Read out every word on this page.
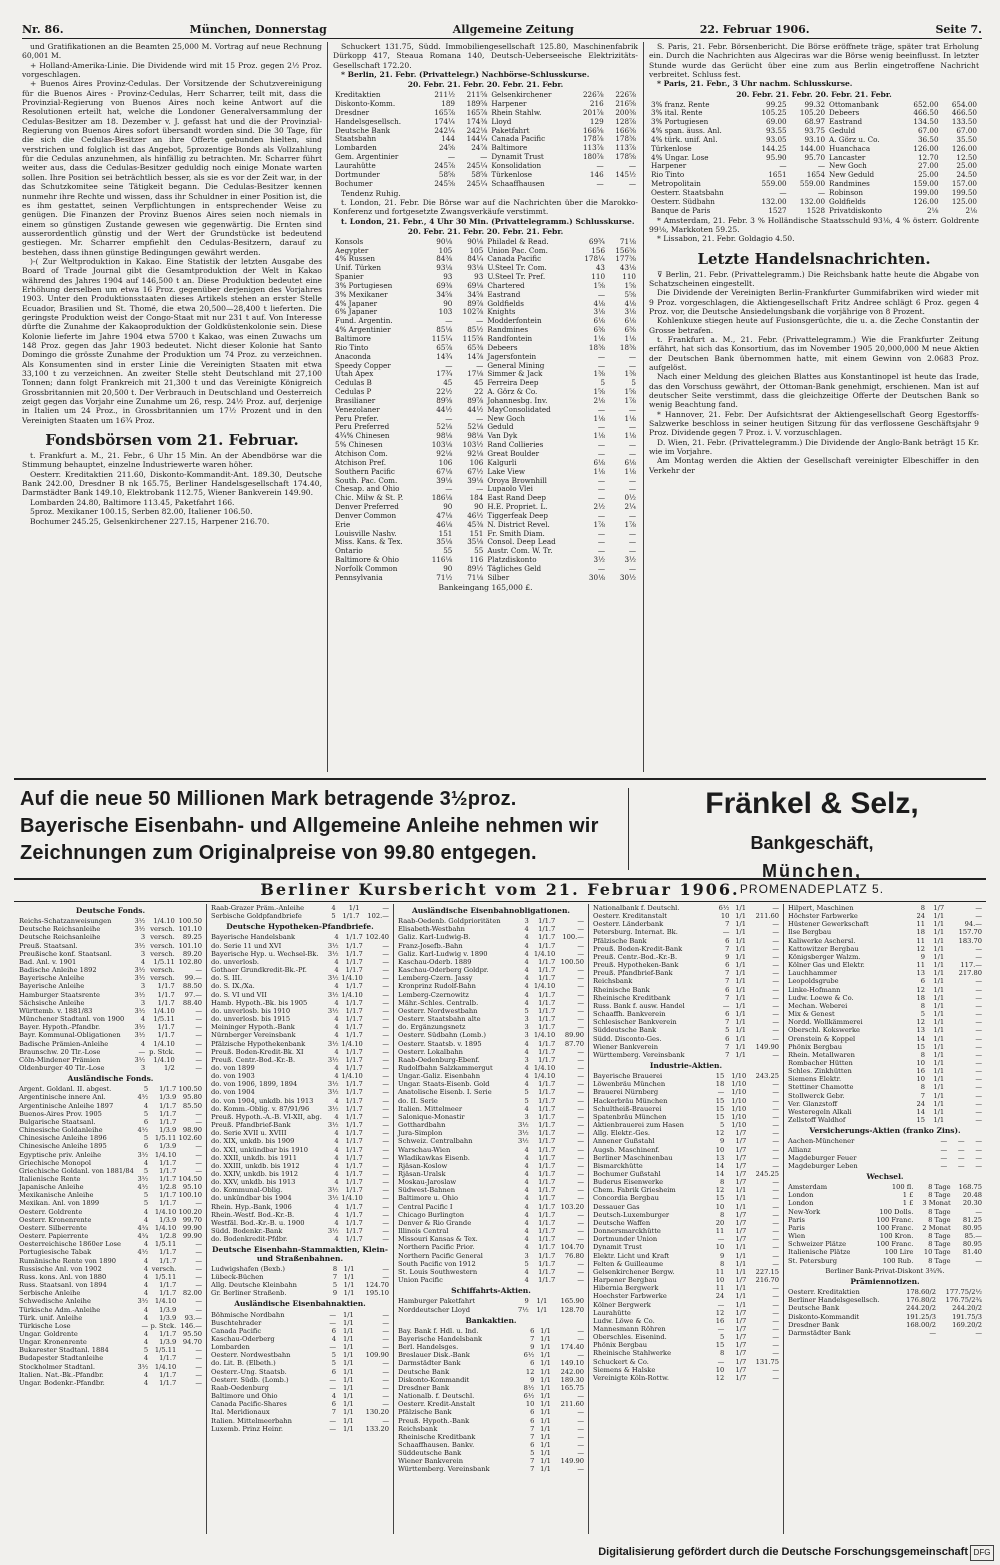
Nr. 86.	München, Donnerstag	Allgemeine Zeitung	22. Februar 1906.	Seite 7.

und Gratifikationen an die Beamten 25,000 M. Vortrag auf neue Rechnung 60,001 M.

+ Holland-Amerika-Linie. Die Dividende wird mit 15 Proz. gegen 2½ Proz. vorgeschlagen.

+ Buenos Aires Provinz-Cedulas. Der Vorsitzende der Schutzvereinigung für die Buenos Aires - Provinz-Cedulas, Herr Scharrer, teilt mit, dass die Provinzial-Regierung von Buenos Aires noch keine Antwort auf die Resolutionen erteilt hat, welche die Londoner Generalversammlung der Cedulas-Besitzer am 18. Dezember v. J. gefasst hat und die der Provinzial-Regierung von Buenos Aires sofort übersandt worden sind. Die 30 Tage, für die sich die Cedulas-Besitzer an ihre Offerte gebunden hielten, sind verstrichen und folglich ist das Angebot, 5prozentige Bonds als Vollzahlung für die Cedulas anzunehmen, als hinfällig zu betrachten. Mr. Scharrer führt weiter aus, dass die Cedulas-Besitzer geduldig noch einige Monate warten sollen. Ihre Position sei beträchtlich besser, als sie es vor der Zeit war, in der das Schutzkomitee seine Tätigkeit begann. Die Cedulas-Besitzer kennen nunmehr ihre Rechte und wissen, dass ihr Schuldner in einer Position ist, die es ihm gestattet, seinen Verpflichtungen in entsprechender Weise zu genügen. Die Finanzen der Provinz Buenos Aires seien noch niemals in einem so günstigen Zustande gewesen wie gegenwärtig. Die Ernten sind ausserordentlich günstig und der Wert der Grundstücke ist bedeutend gestiegen. Mr. Scharrer empfiehlt den Cedulas-Besitzern, darauf zu bestehen, dass ihnen günstige Bedingungen gewährt werden.

)-( Zur Weltproduktion in Kakao. Eine Statistik der letzten Ausgabe des Board of Trade Journal gibt die Gesamtproduktion der Welt in Kakao während des Jahres 1904 auf 146,500 t an. Diese Produktion bedeutet eine Erhöhung derselben um etwa 16 Proz. gegenüber derjenigen des Vorjahres 1903. Unter den Produktionsstaaten dieses Artikels stehen an erster Stelle Ecuador, Brasilien und St. Thomé, die etwa 20,500—28,400 t lieferten. Die geringste Produktion weist der Congo-Staat mit nur 231 t auf. Von Interesse dürfte die Zunahme der Kakaoproduktion der Goldküstenkolonie sein. Diese Kolonie lieferte im Jahre 1904 etwa 5700 t Kakao, was einen Zuwachs um 148 Proz. gegen das Jahr 1903 bedeutet. Nicht dieser Kolonie hat Santo Domingo die grösste Zunahme der Produktion um 74 Proz. zu verzeichnen. Als Konsumenten sind in erster Linie die Vereinigten Staaten mit etwa 33,100 t zu verzeichnen. An zweiter Stelle steht Deutschland mit 27,100 Tonnen; dann folgt Frankreich mit 21,300 t und das Vereinigte Königreich Grossbritannien mit 20,500 t. Der Verbrauch in Deutschland und Oesterreich zeigt gegen das Vorjahr eine Zunahme um 26, resp. 24½ Proz. auf, derjenige in Italien um 24 Proz., in Grossbritannien um 17½ Prozent und in den Vereinigten Staaten um 16¾ Proz.

Fondsbörsen vom 21. Februar.

t. Frankfurt a. M., 21. Febr., 6 Uhr 15 Min. An der Abendbörse war die Stimmung behauptet, einzelne Industriewerte waren höher.

Oesterr. Kreditaktien 211.60, Diskonto-Kommandit-Ant. 189.30, Deutsche Bank 242.00, Dresdner B nk 165.75, Berliner Handelsgesellschaft 174.40, Darmstädter Bank 149.10, Elektrobank 112.75, Wiener Bankverein 149.90.

Lombarden 24.80, Baltimore 113.45, Paketfahrt 166.

5proz. Mexikaner 100.15, Serben 82.00, Italiener 106.50.

Bochumer 245.25, Gelsenkirchener 227.15, Harpener 216.70.

Schuckert 131.75, Südd. Immobiliengesellschaft 125.80, Maschinenfabrik Dürkopp 417, Steaua Romana 140, Deutsch-Ueberseeische Elektrizitäts-Gesellschaft 172.20.

* Berlin, 21. Febr. (Privattelegr.) Nachbörse-Schlusskurse.

20. Febr. 21. Febr. 20. Febr. 21. Febr.
Kreditaktien	211½	211⅝	Gelsenkirchener	226⅞	226⅞
Diskonto-Komm.	189	189⅝	Harpener	216	216⅝
Dresdner	165⅞	165⅞	Rhein Stahlw.	201⅞	200⅜
Handelsgesellsch.	174¼	174⅜	Lloyd	129	128⅞
Deutsche Bank	242¼	242⅛	Paketfahrt	166⅝	166⅜
Staatsbahn	144	144¼	Canada Pacific	178⅞	178⅜
Lombarden	24⅝	24⅞	Baltimore	113⅞	113⅞
Gem. Argentinier	—	—	Dynamit Trust	180⅞	178⅝
Laurahütte	245⅞	245¼	Konsolidation	—	—
Dortmunder	58⅝	58⅝	Türkenlose	146	145½
Bochumer	245⅝	245¼	Schaaffhausen	—	—

Tendenz Ruhig.

t. London, 21. Febr. Die Börse war auf die Nachrichten über die Marokko-Konferenz und fortgesetzte Zwangsverkäufe verstimmt.

t. London, 21. Febr., 4 Uhr 30 Min. (Privattelegramm.) Schlusskurse.

20. Febr. 21. Febr. 20. Febr. 21. Febr.
Konsols	90⅛	90⅛	Philadel & Read.	69¾	71⅛
Aegypter	105	105	Union Pac. Com.	156	156⅜
4% Russen	84⅜	84¼	Canada Pacific	178¼	177⅜
Unif. Türken	93⅛	93⅛	U.Steel Tr. Com.	43	43⅛
Spanier	93	93	U.Steel Tr. Pref.	110	110
3% Portugiesen	69⅜	69⅛	Chartered	1⅝	1⅝
3% Mexikaner	34⅝	34⅝	Eastrand	—	5⅝
4% Japaner	90	89⅞	Goldfields	4⅛	4⅛
6% Japaner	103	102⅞	Knights	3⅛	3⅛
Fund. Argentin.	—	—	Modderfontein	6⅛	6⅛
4% Argentinier	85⅛	85½	Randmines	6⅜	6⅜
Baltimore	115¼	115⅝	Randfontein	1⅛	1⅛
Rio Tinto	65⅞	65⅜	Debeers	18⅜	18⅜
Anaconda	14¾	14⅞	Jagersfontein	—	—
Speedy Copper	—	—	General Mining	—	—
Utah Apex	17¾	17⅛	Simmer & Jack	1⅜	1⅜
Cedulas B	45	45	Ferreira Deep	5	5
Cedulas P	22½	22	A. Görz & Co.	1⅝	1⅝
Brasilianer	89⅝	89⅞	Johannesbg. Inv.	2⅛	1⅞
Venezolaner	44½	44½	MayConsolidated	—	—
Peru Prefer.	—	—	New Goch	1⅛	1⅛
Peru Preferred	52⅛	52⅛	Geduld	—	—
4¾% Chinesen	98⅛	98⅛	Van Dyk	1⅛	1⅛
5% Chinesen	103⅛	103½	Rand Collieries	—	—
Atchison Com.	92⅛	92⅛	Great Boulder	—	—
Atchison Pref.	106	106	Kalgurli	6⅛	6⅛
Southern Pacific	67⅛	67½	Lake View	1⅛	1⅛
South. Pac. Com.	39⅛	39⅛	Oroya Brownhill	—	—
Chesap. and Ohio	—	—	Lupaolo Vlei	—	—
Chic. Milw & St. P.	186⅛	184	East Rand Deep	—	0½
Denver Preferred	90	90	H.E. Propriet. L.	2½	2¼
Denver Common	47⅛	46½	Tiggerfeak Deep	—	—
Erie	46⅛	45⅜	N. District Revel.	1⅞	1⅞
Louisville Nashv.	151	151	Fr. Smith Diam.	—	—
Miss. Kans. & Tex.	35⅛	35⅛	Consol. Deep Lead	—	—
Ontario	55	55	Austr. Com. W. Tr.	—	—
Baltimore & Ohio	116⅛	116	Platzdiskonto	3½	3½
Norfolk Common	90	89½	Tägliches Geld	—	—
Pennsylvania	71½	71⅛	Silber	30⅛	30½
Bankeingang 165,000 £.

S. Paris, 21. Febr. Börsenbericht. Die Börse eröffnete träge, später trat Erholung ein. Durch die Nachrichten aus Algeciras war die Börse wenig beeinflusst. In letzter Stunde wurde das Gerücht über eine zum aus Berlin eingetroffene Nachricht verbreitet. Schluss fest.

* Paris, 21. Febr., 3 Uhr nachm. Schlusskurse.

20. Febr. 21. Febr. 20. Febr. 21. Febr.
3% franz. Rente	99.25	99.32	Ottomanbank	652.00	654.00
3% ital. Rente	105.25	105.20	Debeers	466.50	466.50
3% Portugiesen	69.00	68.97	Eastrand	134.50	133.50
4% span. äuss. Anl.	93.55	93.75	Geduld	67.00	67.00
4% türk. unif. Anl.	93.05	93.10	A. Görz u. Co.	36.50	35.50
Türkenlose	144.25	144.00	Huanchaca	126.00	126.00
4% Ungar. Lose	95.90	95.70	Lancaster	12.70	12.50
Harpener	—	—	New Goch	27.00	25.00
Rio Tinto	1651	1654	New Geduld	25.00	24.50
Metropolitain	559.00	559.00	Randmines	159.00	157.00
Oesterr. Staatsbahn	—	—	Robinson	199.00	199.50
Oesterr. Südbahn	132.00	132.00	Goldfields	126.00	125.00
Banque de Paris	1527	1528	Privatdiskonto	2⅛	2⅛

* Amsterdam, 21. Febr. 3 % Holländische Staatsschuld 93⅛, 4 % österr. Goldrente 99⅛, Markkoten 59.25.

* Lissabon, 21. Febr. Goldagio 4.50.

Letzte Handelsnachrichten.

⊽ Berlin, 21. Febr. (Privattelegramm.) Die Reichsbank hatte heute die Abgabe von Schatzscheinen eingestellt.

Die Dividende der Vereinigten Berlin-Frankfurter Gummifabriken wird wieder mit 9 Proz. vorgeschlagen, die Aktiengesellschaft Fritz Andree schlägt 6 Proz. gegen 4 Proz. vor, die Deutsche Ansiedelungsbank die vorjährige von 8 Prozent.

Kohlenkuxe stiegen heute auf Fusionsgerüchte, die u. a. die Zeche Constantin der Grosse betrafen.

t. Frankfurt a. M., 21. Febr. (Privattelegramm.) Wie die Frankfurter Zeitung erfährt, hat sich das Konsortium, das im November 1905 20,000,000 M neue Aktien der Deutschen Bank übernommen hatte, mit einem Gewinn von 2.0683 Proz. aufgelöst.

Nach einer Meldung des gleichen Blattes aus Konstantinopel ist heute das Irade, das den Vorschuss gewährt, der Ottoman-Bank genehmigt, erschienen. Man ist auf deutscher Seite verstimmt, dass die gleichzeitige Offerte der Deutschen Bank so wenig Beachtung fand.

* Hannover, 21. Febr. Der Aufsichtsrat der Aktiengesellschaft Georg Egestorffs-Salzwerke beschloss in seiner heutigen Sitzung für das verflossene Geschäftsjahr 9 Proz. Dividende gegen 7 Proz. i. V. vorzuschlagen.

D. Wien, 21. Febr. (Privattelegramm.) Die Dividende der Anglo-Bank beträgt 15 Kr. wie im Vorjahre.

Am Montag werden die Aktien der Gesellschaft vereinigter Elbeschiffer in den Verkehr der

Auf die neue 50 Millionen Mark betragende 3½proz. Bayerische Eisenbahn- und Allgemeine Anleihe nehmen wir Zeichnungen zum Originalpreise von 99.80 entgegen.
Fränkel & Selz, Bankgeschäft,
München,
PROMENADEPLATZ 5.
Berliner Kursbericht vom 21. Februar 1906.
Deutsche Fonds.
Reichs-Schatzanweisungen	3½	1/4.10	100.50
Deutsche Reichsanleihe	3½	versch.	101.10
Deutsche Reichsanleihe	3	versch.	89.25
Preuß. Staatsanl.	3½	versch.	101.10
Preußische konf. Staatsanl.	3	versch.	89.20
Bad. Anl. v. 1901	4	1/5.11	102.80
Badische Anleihe 1892	3½	versch.	—
Bayerische Anleihe	3½	versch.	99.—
Bayerische Anleihe	3	1/1.7	88.50
Hamburger Staatsrente	3½	1/1.7	97.—
Sächsische Anleihe	3	1/1.7	88.40
Württemb. v. 1881/83	3½	1/4.10	—
Münchener Stadtanl. von 1900	4	1/5.11	—
Bayer. Hypoth.-Pfandbr.	3½	1/1.7	—
Bayr. Kommunal-Obligationen	3½	1/1.7	—
Badische Prämien-Anleihe	4	1/4.10	—
Braunschw. 20 Tlr.-Lose	—	p. Stck.	—
Cöln-Mindener Prämien	3½	1/4.10	—
Oldenburger 40 Tlr.-Lose	3	1/2	—
Ausländische Fonds.
Argent. Goldanl. II. abgest.	5	1/1.7	100.50
Argentinische innere Anl.	4½	1/3.9	95.80
Argentinische Anleihe 1897	4	1/1.7	85.50
Buenos-Aires Prov. 1905	5	1/1.7	—
Bulgarische Staatsanl.	6	1/1.7	—
Chinesische Goldanleihe	4½	1/3.9	98.90
Chinesische Anleihe 1896	5	1/5.11	102.60
Chinesische Anleihe 1895	6	1/3.9	—
Egyptische priv. Anleihe	3½	1/4.10	—
Griechische Monopol	4	1/1.7	—
Griechische Goldanl. von 1881/84	5	1/1.7	—
Italienische Rente	3½	1/1.7	104.50
Japanische Anleihe	4½	1/2.8	95.10
Mexikanische Anleihe	5	1/1.7	100.10
Mexikan. Anl. von 1899	5	1/1.7	—
Oesterr. Goldrente	4	1/4.10	100.20
Oesterr. Kronenrente	4	1/3.9	99.70
Oesterr. Silberrente	4¼	1/4.10	99.90
Oesterr. Papierrente	4¼	1/2.8	99.90
Oesterreichische 1860er Lose	4	1/5.11	—
Portugiesische Tabak	4½	1/1.7	—
Rumänische Rente von 1890	4	1/1.7	—
Russische Anl. von 1902	4	versch.	—
Russ. kons. Anl. von 1880	4	1/5.11	—
Russ. Staatsanl. von 1894	4	1/1.7	—
Serbische Anleihe	4	1/1.7	82.00
Schwedische Anleihe	3½	1/4.10	—
Türkische Adm.-Anleihe	4	1/3.9	—
Türk. unif. Anleihe	4	1/3.9	93.—
Türkische Lose	—	p. Stck.	146.—
Ungar. Goldrente	4	1/1.7	95.50
Ungar. Kronenrente	4	1/3.9	94.70
Bukarester Stadtanl. 1884	5	1/5.11	—
Budapester Stadtanleihe	4	1/1.7	—
Stockholmer Stadtanl.	3½	1/4.10	—
Italien. Nat.-Bk.-Pfandbr.	4	1/1.7	—
Ungar. Bodenkr.-Pfandbr.	4	1/1.7	—
Raab-Grazer Präm.-Anleihe	4	1/1	—
Serbische Goldpfandbriefe	5	1/1.7	102.—
Deutsche Hypotheken-Pfandbriefe.
Bayerische Handelsbank	4	1/1.7	102.40
do. Serie 11 und XVI	3½	1/1.7	—
Bayerische Hyp. u. Wechsel-Bk.	3½	1/1.7	—
do. unverlosb.	4	1/1.7	—
Gothaer Grundkredit-Bk.-Pf.	4	1/1.7	—
do. S. III.	3½	1/4.10	—
do. S. IX./Xa.	4	1/1.7	—
do. S. VI und VII	3½	1/4.10	—
Hamb. Hypoth.-Bk. bis 1905	4	1/1.7	—
do. unverlosb. bis 1910	3½	1/1.7	—
do. unverlosb. bis 1915	4	1/1.7	—
Meininger Hypoth.-Bank	4	1/1.7	—
Nürnberger Vereinsbank	4	1/1.7	—
Pfälzische Hypothekenbank	3½	1/4.10	—
Preuß. Boden-Kredit-Bk. XI	4	1/1.7	—
Preuß. Centr.-Bod.-Kr.-B.	3½	1/1.7	—
do. von 1899	4	1/1.7	—
do. von 1903	4	1/4.10	—
do. von 1906, 1899, 1894	3½	1/1.7	—
do. von 1904	3½	1/1.7	—
do. von 1904, unkdb. bis 1913	4	1/1.7	—
do. Komm.-Oblig. v. 87/91/96	3½	1/1.7	—
Preuß. Hypoth.-A.-B. VI-XII, abg.	4	1/1.7	—
Preuß. Pfandbrief-Bank	3½	1/1.7	—
do. Serie XVII u. XVIII	4	1/1.7	—
do. XIX, unkdb. bis 1909	4	1/1.7	—
do. XXI, unkündbar bis 1910	4	1/1.7	—
do. XXII, unkdb. bis 1911	4	1/1.7	—
do. XXIII, unkdb. bis 1912	4	1/1.7	—
do. XXIV, unkdb. bis 1912	4	1/1.7	—
do. XXV, unkdb. bis 1913	4	1/1.7	—
do. Kommunal-Oblig.	3½	1/1.7	—
do. unkündbar bis 1904	3½	1/4.10	—
Rhein. Hyp.-Bank, 1906	4	1/1.7	—
Rhein.-Westf. Bod.-Kr.-B.	4	1/1.7	—
Westfäl. Bod.-Kr.-B. u. 1900	4	1/1.7	—
Südd. Bodenkr.-Bank	3½	1/1.7	—
do. Bodenkredit-Pfdbr.	4	1/1.7	—
Deutsche Eisenbahn-Stammaktien, Klein- und Straßenbahnen.
Ludwigshafen (Bexb.)	8	1/1	—
Lübeck-Büchen	7	1/1	—
Allg. Deutsche Kleinbahn	5	1/1	124.70
Gr. Berliner Straßenb.	9	1/1	195.10
Ausländische Eisenbahnaktien.
Böhmische Nordbahn	—	1/1	—
Buschtehrader	—	1/1	—
Canada Pacific	6	1/1	—
Kaschau-Oderberg	4	1/1	—
Lombarden	—	1/1	—
Oesterr. Nordwestbahn	5	1/1	109.90
do. Lit. B. (Elbeth.)	5	1/1	—
Oesterr.-Ung. Staatsb.	6	1/1	—
Oesterr. Südb. (Lomb.)	—	1/1	—
Raab-Oedenburg	—	1/1	—
Baltimore und Ohio	4	1/1	—
Canada Pacific-Shares	6	1/1	—
Ital. Meridionaux	7	1/1	130.20
Italien. Mittelmeerbahn	—	1/1	—
Luxemb. Prinz Heinr.	—	1/1	133.20
Ausländische Eisenbahnobligationen.
Raab-Oedenb. Goldprioritäten	3	1/1.7	—
Elisabeth-Westbahn	4	1/1.7	—
Galiz. Karl-Ludwig-B.	4	1/1.7	100.—
Franz-Josefb.-Bahn	4	1/1.7	—
Galiz. Karl-Ludwig v. 1890	4	1/4.10	—
Kaschau-Oderb. 1889	4	1/1.7	100.50
Kaschau-Oderberg Goldpr.	4	1/1.7	—
Lemberg-Czern. Jassy	4	1/1.7	—
Kronprinz Rudolf-Bahn	4	1/4.10	—
Lemberg-Czernowitz	4	1/1.7	—
Mähr.-Schles. Centralb.	4	1/1.7	—
Oesterr. Nordwestbahn	5	1/1.7	—
Oesterr. Staatsbahn alte	3	1/1.7	—
do. Ergänzungsnetz	3	1/1.7	—
Oesterr. Südbahn (Lomb.)	3	1/4.10	89.90
Oesterr. Staatsb. v. 1895	4	1/1.7	87.70
Oesterr. Lokalbahn	4	1/1.7	—
Raab-Oedenburg-Ebenf.	3	1/1.7	—
Rudolfbahn Salzkammergut	4	1/4.10	—
Ungar.-Galiz. Eisenbahn	4	1/4.10	—
Ungar. Staats-Eisenb. Gold	4	1/1.7	—
Anatolische Eisenb. I. Serie	5	1/1.7	—
do. II. Serie	5	1/1.7	—
Italien. Mittelmeer	4	1/1.7	—
Salonique-Monastir	3	1/1.7	—
Gotthardbahn	3½	1/1.7	—
Jura-Simplon	3½	1/1.7	—
Schweiz. Centralbahn	3½	1/1.7	—
Warschau-Wien	4	1/1.7	—
Wladikawkas Eisenb.	4	1/1.7	—
Rjäsan-Koslow	4	1/1.7	—
Rjäsan-Uralsk	4	1/1.7	—
Moskau-Jaroslaw	4	1/1.7	—
Südwest-Bahnen	4	1/1.7	—
Baltimore u. Ohio	4	1/1.7	—
Central Pacific I	4	1/1.7	103.20
Chicago Burlington	4	1/1.7	—
Denver & Rio Grande	4	1/1.7	—
Illinois Central	4	1/1.7	—
Missouri Kansas & Tex.	4	1/1.7	—
Northern Pacific Prior.	4	1/1.7	104.70
Northern Pacific General	3	1/1.7	76.80
South Pacific von 1912	5	1/1.7	—
St. Louis Southwestern	4	1/1.7	—
Union Pacific	4	1/1.7	—
Schiffahrts-Aktien.
Hamburger Paketfahrt	9	1/1	165.90
Norddeutscher Lloyd	7½	1/1	128.70
Bankaktien.
Bay. Bank f. Hdl. u. Ind.	6	1/1	—
Bayerische Handelsbank	7	1/1	—
Berl. Handelsges.	9	1/1	174.40
Breslauer Disk.-Bank	6½	1/1	—
Darmstädter Bank	6	1/1	149.10
Deutsche Bank	12	1/1	242.00
Diskonto-Kommandit	9	1/1	189.30
Dresdner Bank	8½	1/1	165.75
Nationalb. f. Deutschl.	6½	1/1	—
Oesterr. Kredit-Anstalt	10	1/1	211.60
Pfälzische Bank	6	1/1	—
Preuß. Hypoth.-Bank	6	1/1	—
Reichsbank	7	1/1	—
Rheinische Kreditbank	7	1/1	—
Schaaffhausen. Bankv.	6	1/1	—
Süddeutsche Bank	5	1/1	—
Wiener Bankverein	7	1/1	149.90
Württemberg. Vereinsbank	7	1/1	—
Nationalbank f. Deutschl.	6½	1/1	—
Oesterr. Kreditanstalt	10	1/1	211.60
Oesterr. Länderbank	7	1/1	—
Petersburg. Internat. Bk.	—	1/1	—
Pfälzische Bank	6	1/1	—
Preuß. Boden-Kredit-Bank	7	1/1	—
Preuß. Centr.-Bod.-Kr.-B.	9	1/1	—
Preuß. Hypotheken-Bank	6	1/1	—
Preuß. Pfandbrief-Bank	7	1/1	—
Reichsbank	7	1/1	—
Rheinische Bank	6	1/1	—
Rheinische Kreditbank	7	1/1	—
Russ. Bank f. ausw. Handel	—	1/1	—
Schaaffh. Bankverein	6	1/1	—
Schlesischer Bankverein	7	1/1	—
Süddeutsche Bank	5	1/1	—
Südd. Disconto-Ges.	6	1/1	—
Wiener Bankverein	7	1/1	149.90
Württemberg. Vereinsbank	7	1/1	—
Industrie-Aktien.
Bayerische Brauerei	15	1/10	243.25
Löwenbräu München	18	1/10	—
Brauerei Nürnberg	—	1/10	—
Hackerbräu München	15	1/10	—
Schultheiß-Brauerei	15	1/10	—
Spatenbräu München	15	1/10	—
Aktienbrauerei zum Hasen	5	1/10	—
Allg. Elektr.-Ges.	12	1/7	—
Annener Gußstahl	9	1/7	—
Augsb. Maschinenf.	10	1/7	—
Berliner Maschinenbau	13	1/7	—
Bismarckhütte	14	1/7	—
Bochumer Gußstahl	14	1/7	245.25
Buderus Eisenwerke	8	1/7	—
Chem. Fabrik Griesheim	12	1/1	—
Concordia Bergbau	15	1/1	—
Dessauer Gas	10	1/1	—
Deutsch-Luxemburger	8	1/7	—
Deutsche Waffen	20	1/7	—
Donnersmarckhütte	11	1/7	—
Dortmunder Union	—	1/7	—
Dynamit Trust	10	1/1	—
Elektr. Licht und Kraft	9	1/1	—
Felten & Guilleaume	8	1/1	—
Gelsenkirchener Bergw.	11	1/1	227.15
Harpener Bergbau	10	1/7	216.70
Hibernia Bergwerk	11	1/1	—
Hoechster Farbwerke	24	1/1	—
Kölner Bergwerk	—	1/1	—
Laurahütte	12	1/7	—
Ludw. Löwe & Co.	16	1/7	—
Mannesmann Röhren	—	1/7	—
Oberschles. Eisenind.	5	1/7	—
Phönix Bergbau	15	1/7	—
Rheinische Stahlwerke	8	1/7	—
Schuckert & Co.	—	1/7	131.75
Siemens & Halske	10	1/7	—
Vereinigte Köln-Rottw.	12	1/7	—
Hilpert, Maschinen	8	1/7	—
Höchster Farbwerke	24	1/1	—
Hüstener Gewerkschaft	11	1/1	94.—
Ilse Bergbau	18	1/1	157.70
Kaliwerke Aschersl.	11	1/1	183.70
Kattowitzer Bergbau	12	1/1	—
Königsberger Walzm.	9	1/1	—
Kölner Gas und Elektr.	11	1/1	117.—
Lauchhammer	13	1/1	217.80
Leopoldsgrube	6	1/1	—
Linke-Hofmann	12	1/1	—
Ludw. Loewe & Co.	18	1/1	—
Mechan. Weberei	8	1/1	—
Mix & Genest	5	1/1	—
Nordd. Wollkämmerei	12	1/1	—
Oberschl. Kokswerke	13	1/1	—
Orenstein & Koppel	14	1/1	—
Phönix Bergbau	15	1/1	—
Rhein. Metallwaren	8	1/1	—
Rombacher Hütten	10	1/1	—
Schles. Zinkhütten	16	1/1	—
Siemens Elektr.	10	1/1	—
Stettiner Chamotte	8	1/1	—
Stollwerck Gebr.	7	1/1	—
Ver. Glanzstoff	24	1/1	—
Westeregeln Alkali	14	1/1	—
Zellstoff Waldhof	15	1/1	—
Versicherungs-Aktien (franko Zins).
Aachen-Münchener	—	—	—
Allianz	—	—	—
Magdeburger Feuer	—	—	—
Magdeburger Leben	—	—	—
Wechsel.
Amsterdam	100 fl.	8 Tage	168.75
London	1 £	8 Tage	20.48
London	1 £	3 Monat	20.30
New-York	100 Dolls.	8 Tage	—
Paris	100 Franc.	8 Tage	81.25
Paris	100 Franc.	2 Monat	80.95
Wien	100 Kron.	8 Tage	85.—
Schweizer Plätze	100 Franc.	8 Tage	80.95
Italienische Plätze	100 Lire	10 Tage	81.40
St. Petersburg	100 Rub.	8 Tage	—
Berliner Bank-Privat-Diskont 3¾%.
Prämiennotizen.
Oesterr. Kreditaktien	178.60/2	177.75/2½
Berliner Handelsgesellsch.	176.80/2	176.75/2¾
Deutsche Bank	244.20/2	244.20/2
Diskonto-Kommandit	191.25/3	191.75/3
Dresdner Bank	168.00/2	169.20/2
Darmstädter Bank	—	—
Digitalisierung gefördert durch die Deutsche Forschungsgemeinschaft DFG
